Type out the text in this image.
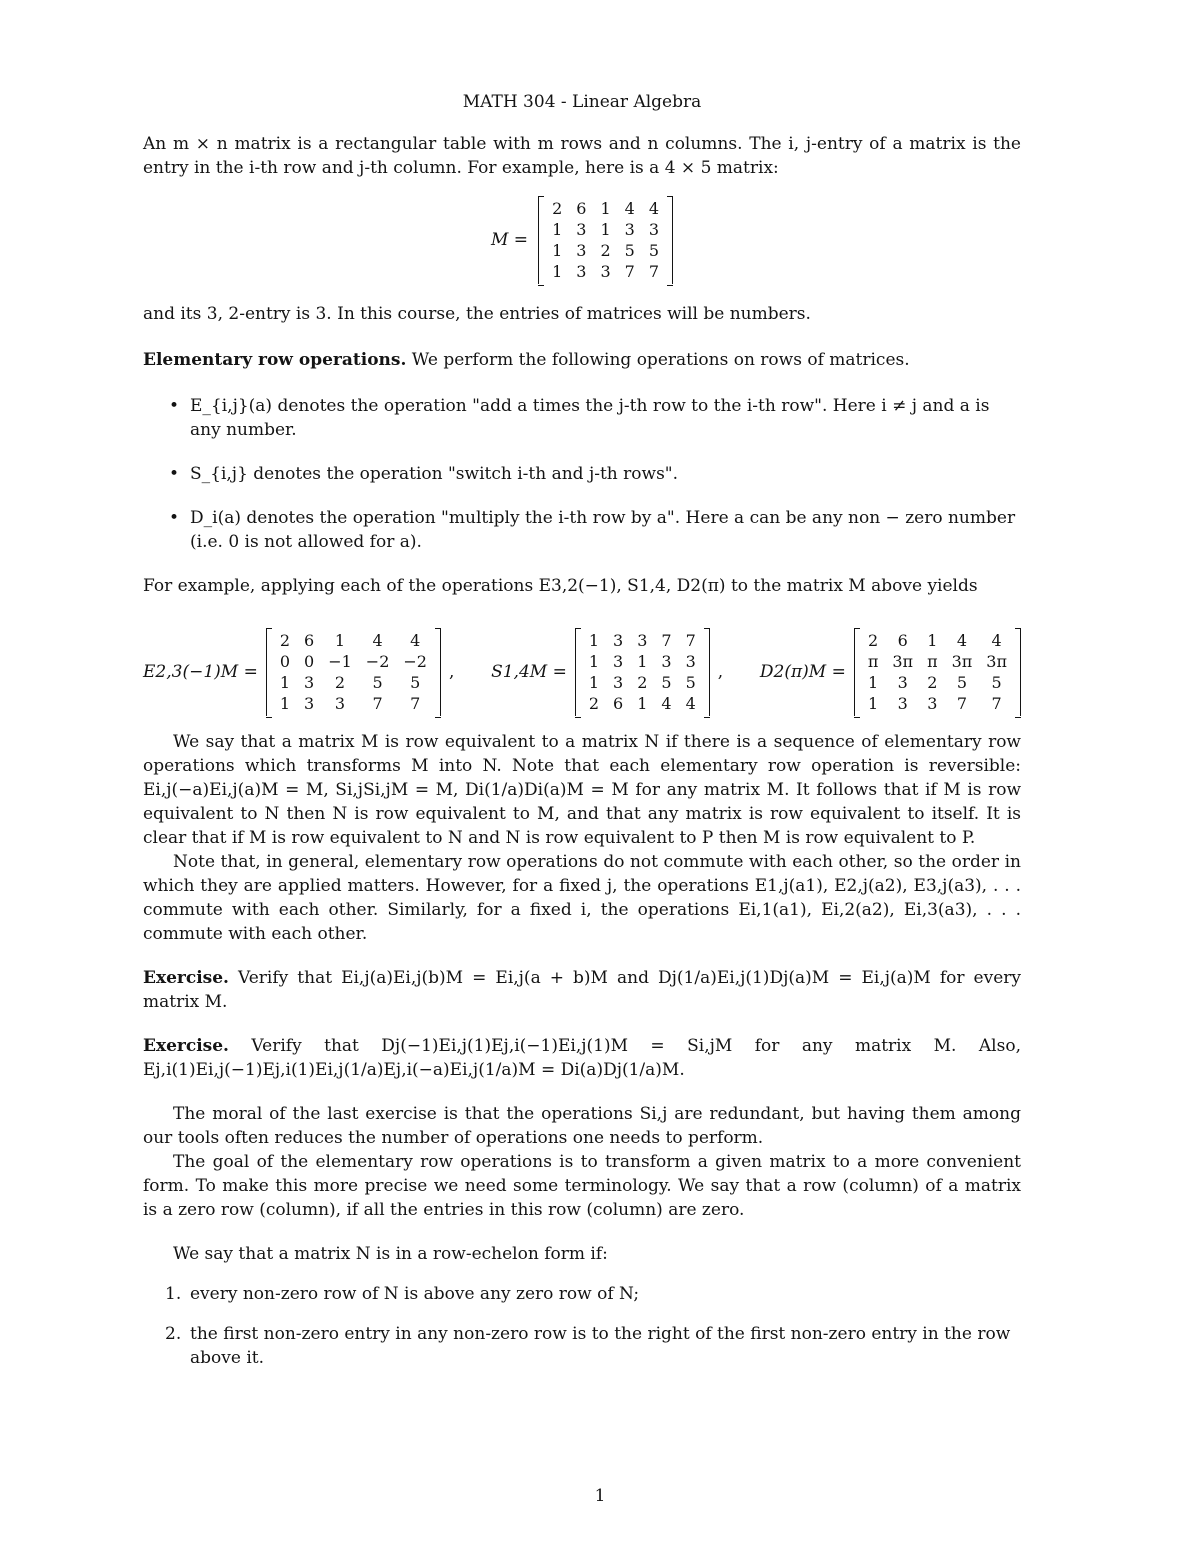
MATH 304 - Linear Algebra

An m × n matrix is a rectangular table with m rows and n columns. The i, j-entry of a matrix is the entry in the i-th row and j-th column. For example, here is a 4 × 5 matrix:

M =
2	6	1	4	4
1	3	1	3	3
1	3	2	5	5
1	3	3	7	7

and its 3, 2-entry is 3. In this course, the entries of matrices will be numbers.

Elementary row operations. We perform the following operations on rows of matrices.

• E_{i,j}(a) denotes the operation "add a times the j-th row to the i-th row". Here i ≠ j and a is any number.
• S_{i,j} denotes the operation "switch i-th and j-th rows".
• D_i(a) denotes the operation "multiply the i-th row by a". Here a can be any non − zero number (i.e. 0 is not allowed for a).

For example, applying each of the operations E3,2(−1), S1,4, D2(π) to the matrix M above yields

E2,3(−1)M =
2	6	1	4	4
0	0	−1	−2	−2
1	3	2	5	5
1	3	3	7	7
, S1,4M =
1	3	3	7	7
1	3	1	3	3
1	3	2	5	5
2	6	1	4	4
, D2(π)M =
2	6	1	4	4
π	3π	π	3π	3π
1	3	2	5	5
1	3	3	7	7

We say that a matrix M is row equivalent to a matrix N if there is a sequence of elementary row operations which transforms M into N. Note that each elementary row operation is reversible: Ei,j(−a)Ei,j(a)M = M, Si,jSi,jM = M, Di(1/a)Di(a)M = M for any matrix M. It follows that if M is row equivalent to N then N is row equivalent to M, and that any matrix is row equivalent to itself. It is clear that if M is row equivalent to N and N is row equivalent to P then M is row equivalent to P.

Note that, in general, elementary row operations do not commute with each other, so the order in which they are applied matters. However, for a fixed j, the operations E1,j(a1), E2,j(a2), E3,j(a3), . . . commute with each other. Similarly, for a fixed i, the operations Ei,1(a1), Ei,2(a2), Ei,3(a3), . . . commute with each other.

Exercise. Verify that Ei,j(a)Ei,j(b)M = Ei,j(a + b)M and Dj(1/a)Ei,j(1)Dj(a)M = Ei,j(a)M for every matrix M.

Exercise. Verify that Dj(−1)Ei,j(1)Ej,i(−1)Ei,j(1)M = Si,jM for any matrix M. Also, Ej,i(1)Ei,j(−1)Ej,i(1)Ei,j(1/a)Ej,i(−a)Ei,j(1/a)M = Di(a)Dj(1/a)M.

The moral of the last exercise is that the operations Si,j are redundant, but having them among our tools often reduces the number of operations one needs to perform.

The goal of the elementary row operations is to transform a given matrix to a more convenient form. To make this more precise we need some terminology. We say that a row (column) of a matrix is a zero row (column), if all the entries in this row (column) are zero.

We say that a matrix N is in a row-echelon form if:

1. every non-zero row of N is above any zero row of N;
2. the first non-zero entry in any non-zero row is to the right of the first non-zero entry in the row above it.
1
